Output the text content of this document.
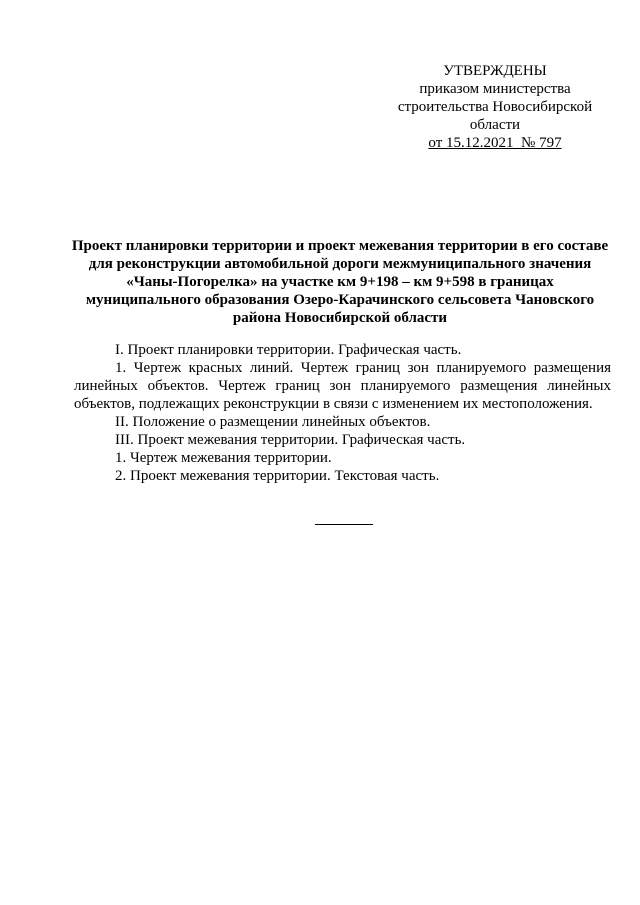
УТВЕРЖДЕНЫ
приказом министерства
строительства Новосибирской
области
от 15.12.2021  № 797
Проект планировки территории и проект межевания территории в его составе для реконструкции автомобильной дороги межмуниципального значения «Чаны-Погорелка» на участке км 9+198 – км 9+598 в границах муниципального образования Озеро-Карачинского сельсовета Чановского района Новосибирской области

I. Проект планировки территории. Графическая часть.

1. Чертеж красных линий. Чертеж границ зон планируемого размещения линейных объектов. Чертеж границ зон планируемого размещения линейных объектов, подлежащих реконструкции в связи с изменением их местоположения.

II. Положение о размещении линейных объектов.

III. Проект межевания территории. Графическая часть.

1. Чертеж межевания территории.

2. Проект межевания территории. Текстовая часть.
